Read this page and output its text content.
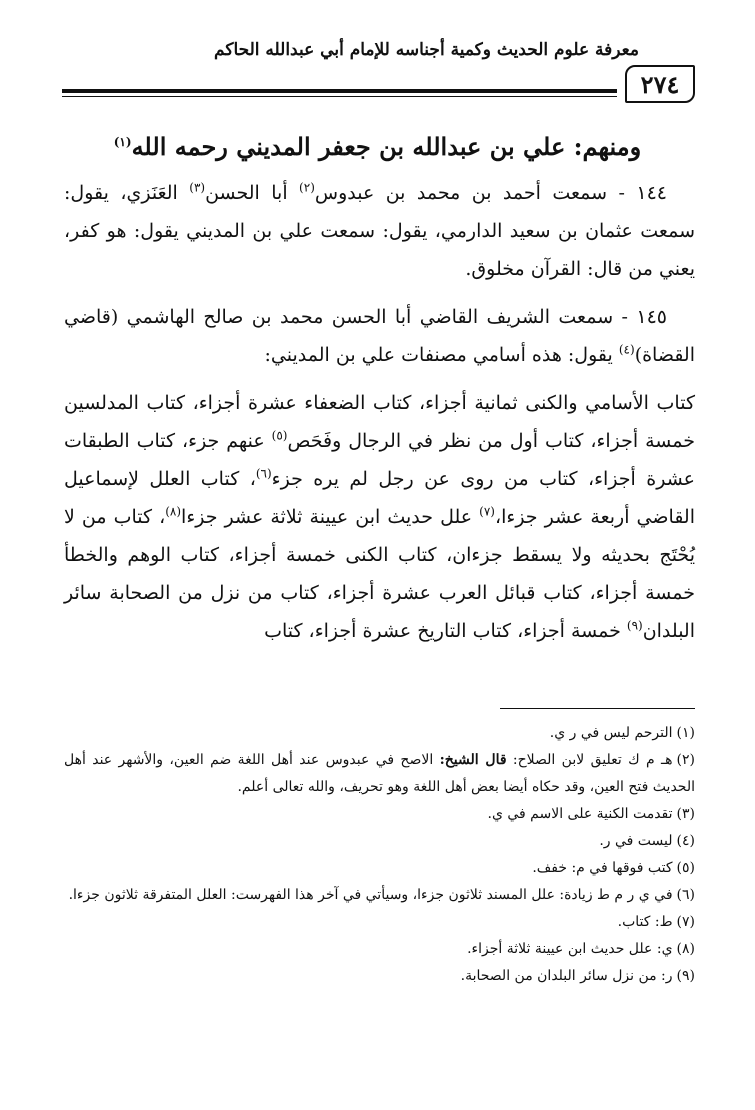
معرفة علوم الحديث وكمية أجناسه للإمام أبي عبدالله الحاكم
٢٧٤
ومنهم: علي بن عبدالله بن جعفر المديني رحمه الله$^{(١)}$

١٤٤ - سمعت أحمد بن محمد بن عبدوس$^{(٢)}$ أبا الحسن$^{(٣)}$ العَنَزي، يقول: سمعت عثمان بن سعيد الدارمي، يقول: سمعت علي بن المديني يقول: هو كفر، يعني من قال: القرآن مخلوق.

١٤٥ - سمعت الشريف القاضي أبا الحسن محمد بن صالح الهاشمي (قاضي القضاة)$^{(٤)}$ يقول: هذه أسامي مصنفات علي بن المديني:

كتاب الأسامي والكنى ثمانية أجزاء، كتاب الضعفاء عشرة أجزاء، كتاب المدلسين خمسة أجزاء، كتاب أول من نظر في الرجال وفَحَص$^{(٥)}$ عنهم جزء، كتاب الطبقات عشرة أجزاء، كتاب من روى عن رجل لم يره جزء$^{(٦)}$، كتاب العلل لإسماعيل القاضي أربعة عشر جزءا،$^{(٧)}$ علل حديث ابن عيينة ثلاثة عشر جزءا$^{(٨)}$، كتاب من لا يُحْتَج بحديثه ولا يسقط جزءان، كتاب الكنى خمسة أجزاء، كتاب الوهم والخطأ خمسة أجزاء، كتاب قبائل العرب عشرة أجزاء، كتاب من نزل من الصحابة سائر البلدان$^{(٩)}$ خمسة أجزاء، كتاب التاريخ عشرة أجزاء، كتاب

(١)الترحم ليس في ر ي.

(٢)هـ م ك تعليق لابن الصلاح: قال الشيخ: الاصح في عبدوس عند أهل اللغة ضم العين، والأشهر عند أهل الحديث فتح العين، وقد حكاه أيضا بعض أهل اللغة وهو تحريف، والله تعالى أعلم.

(٣)تقدمت الكنية على الاسم في ي.

(٤)ليست في ر.

(٥)كتب فوقها في م: خفف.

(٦)في ي ر م ط زيادة: علل المسند ثلاثون جزءا، وسيأتي في آخر هذا الفهرست: العلل المتفرقة ثلاثون جزءا.

(٧)ط: كتاب.

(٨)ي: علل حديث ابن عيينة ثلاثة أجزاء.

(٩)ر: من نزل سائر البلدان من الصحابة.
